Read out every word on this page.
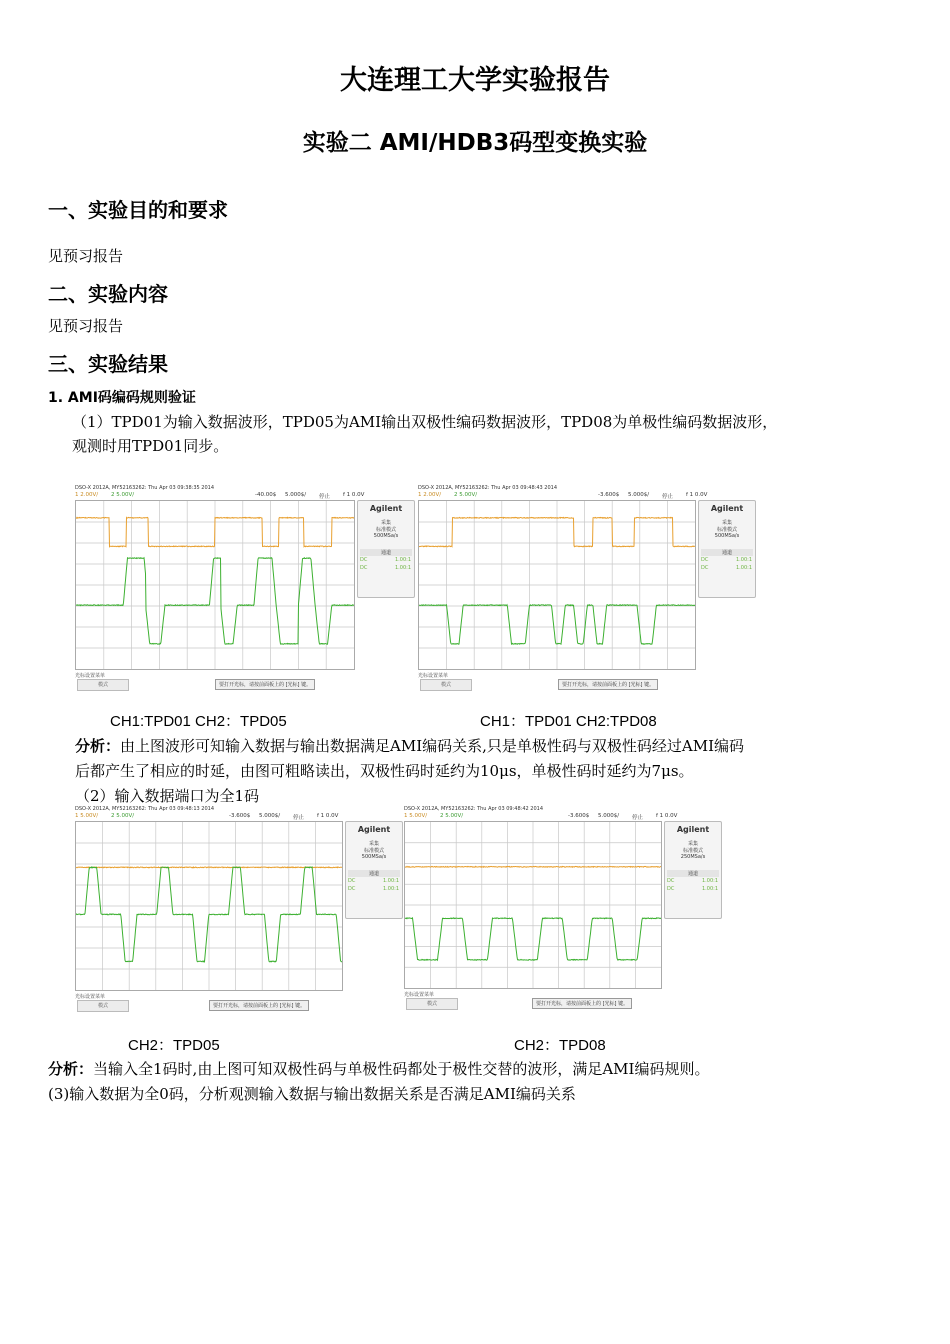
大连理工大学实验报告
实验二 AMI/HDB3码型变换实验
一、实验目的和要求
见预习报告
二、实验内容
见预习报告
三、实验结果
1. AMI码编码规则验证
（1）TPD01为输入数据波形，TPD05为AMI输出双极性编码数据波形，TPD08为单极性编码数据波形，
观测时用TPD01同步。
DSO-X 2012A, MY52163262: Thu Apr 03 09:38:35 2014
1 2.00V/ 2 5.00V/	-40.00$ 5.000$/ 停止 f 1 0.0V
Agilent
采集
标准模式
500MSa/s
通道
DC	1.00:1
DC	1.00:1
光标设置菜单
模式	要打开光标，请按前面板上的 [光标] 键。
DSO-X 2012A, MY52163262: Thu Apr 03 09:48:43 2014
1 2.00V/ 2 5.00V/	-3.600$ 5.000$/ 停止 f 1 0.0V
Agilent
采集
标准模式
500MSa/s
通道
DC	1.00:1
DC	1.00:1
光标设置菜单
模式	要打开光标，请按前面板上的 [光标] 键。
CH1:TPD01 CH2：TPD05	CH1：TPD01 CH2:TPD08
分析：由上图波形可知输入数据与输出数据满足AMI编码关系,只是单极性码与双极性码经过AMI编码
后都产生了相应的时延，由图可粗略读出，双极性码时延约为10μs，单极性码时延约为7μs。
（2）输入数据端口为全1码
DSO-X 2012A, MY52163262: Thu Apr 03 09:48:13 2014
1 5.00V/ 2 5.00V/	-3.600$ 5.000$/ 停止 f 1 0.0V
Agilent
采集
标准模式
500MSa/s
通道
DC	1.00:1
DC	1.00:1
光标设置菜单
模式	要打开光标，请按前面板上的 [光标] 键。
DSO-X 2012A, MY52163262: Thu Apr 03 09:48:42 2014
1 5.00V/ 2 5.00V/	-3.600$ 5.000$/ 停止 f 1 0.0V
Agilent
采集
标准模式
250MSa/s
通道
DC	1.00:1
DC	1.00:1
光标设置菜单
模式	要打开光标，请按前面板上的 [光标] 键。
CH2：TPD05	CH2：TPD08
分析：当输入全1码时,由上图可知双极性码与单极性码都处于极性交替的波形，满足AMI编码规则。
(3)输入数据为全0码，分析观测输入数据与输出数据关系是否满足AMI编码关系
